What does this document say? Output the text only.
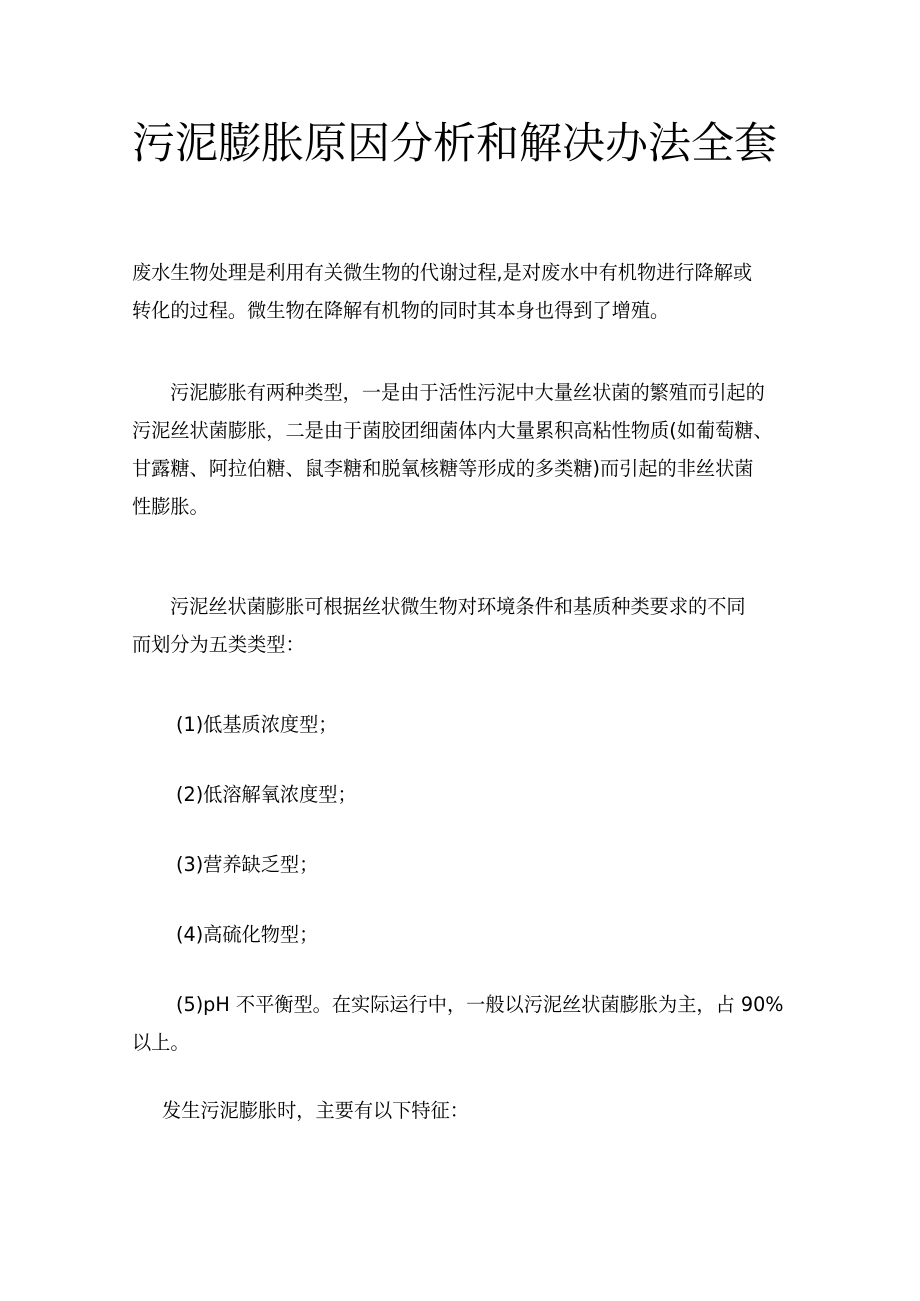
污泥膨胀原因分析和解决办法全套
废水生物处理是利用有关微生物的代谢过程,是对废水中有机物进行降解或
转化的过程。微生物在降解有机物的同时其本身也得到了增殖。
污泥膨胀有两种类型，一是由于活性污泥中大量丝状菌的繁殖而引起的
污泥丝状菌膨胀，二是由于菌胶团细菌体内大量累积高粘性物质(如葡萄糖、
甘露糖、阿拉伯糖、鼠李糖和脱氧核糖等形成的多类糖)而引起的非丝状菌
性膨胀。
污泥丝状菌膨胀可根据丝状微生物对环境条件和基质种类要求的不同
而划分为五类类型：
(1)低基质浓度型；
(2)低溶解氧浓度型；
(3)营养缺乏型；
(4)高硫化物型；
(5)pH 不平衡型。在实际运行中，一般以污泥丝状菌膨胀为主，占 90%
以上。
发生污泥膨胀时，主要有以下特征：
